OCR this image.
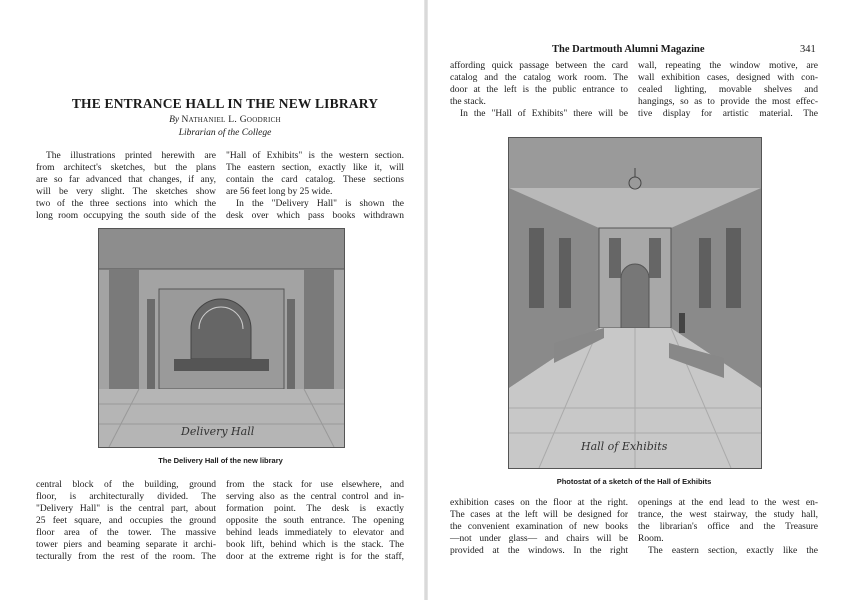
THE ENTRANCE HALL IN THE NEW LIBRARY
By Nathaniel L. Goodrich
Librarian of the College
The illustrations printed herewith are
from architect's sketches, but the plans
are so far advanced that changes, if any,
will be very slight. The sketches show
two of the three sections into which the
long room occupying the south side of the
"Hall of Exhibits" is the western section.
The eastern section, exactly like it, will
contain the card catalog. These sections
are 56 feet long by 25 wide.
In the "Delivery Hall" is shown the
desk over which pass books withdrawn
Delivery Hall
The Delivery Hall of the new library
central block of the building, ground
floor, is architecturally divided. The
"Delivery Hall" is the central part, about
25 feet square, and occupies the ground
floor area of the tower. The massive
tower piers and beaming separate it archi-
tecturally from the rest of the room. The
from the stack for use elsewhere, and
serving also as the central control and in-
formation point. The desk is exactly
opposite the south entrance. The opening
behind leads immediately to elevator and
book lift, behind which is the stack. The
door at the extreme right is for the staff,
The Dartmouth Alumni Magazine	341
affording quick passage between the card
catalog and the catalog work room. The
door at the left is the public entrance to
the stack.
In the "Hall of Exhibits" there will be
wall, repeating the window motive, are
wall exhibition cases, designed with con-
cealed lighting, movable shelves and
hangings, so as to provide the most effec-
tive display for artistic material. The
Hall of Exhibits
Photostat of a sketch of the Hall of Exhibits
exhibition cases on the floor at the right.
The cases at the left will be designed for
the convenient examination of new books
—not under glass— and chairs will be
provided at the windows. In the right
openings at the end lead to the west en-
trance, the west stairway, the study hall,
the librarian's office and the Treasure
Room.
The eastern section, exactly like the
